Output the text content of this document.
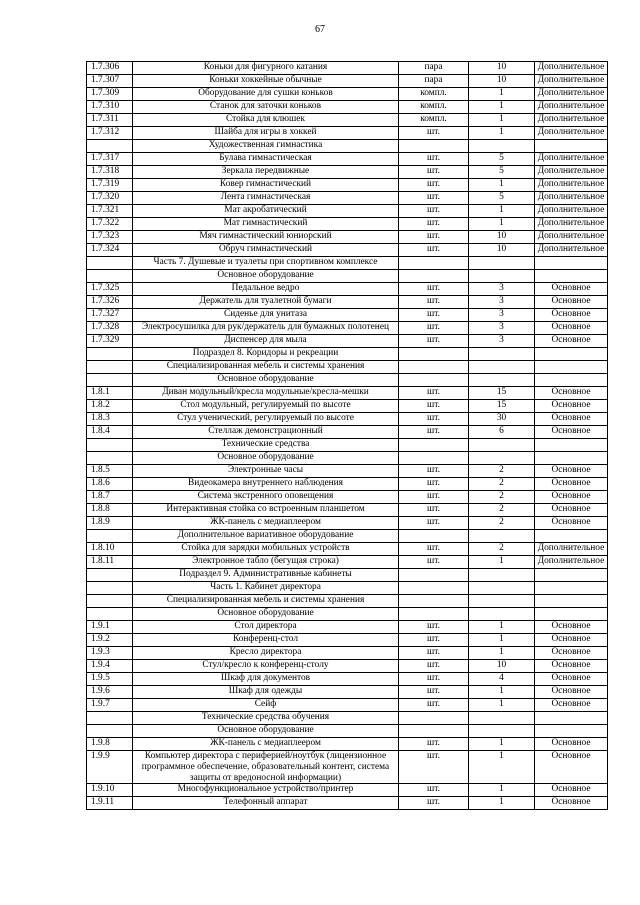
67
1.7.306	Коньки для фигурного катания	пара	10	Дополнительное
1.7.307	Коньки хоккейные обычные	пара	10	Дополнительное
1.7.309	Оборудование для сушки коньков	компл.	1	Дополнительное
1.7.310	Станок для заточки коньков	компл.	1	Дополнительное
1.7.311	Стойка для клюшек	компл.	1	Дополнительное
1.7.312	Шайба для игры в хоккей	шт.	1	Дополнительное
	Художественная гимнастика			
1.7.317	Булава гимнастическая	шт.	5	Дополнительное
1.7.318	Зеркала передвижные	шт.	5	Дополнительное
1.7.319	Ковер гимнастический	шт.	1	Дополнительное
1.7.320	Лента гимнастическая	шт.	5	Дополнительное
1.7.321	Мат акробатический	шт.	1	Дополнительное
1.7.322	Мат гимнастический	шт.	1	Дополнительное
1.7.323	Мяч гимнастический юниорский	шт.	10	Дополнительное
1.7.324	Обруч гимнастический	шт.	10	Дополнительное
	Часть 7. Душевые и туалеты при спортивном комплексе			
	Основное оборудование			
1.7.325	Педальное ведро	шт.	3	Основное
1.7.326	Держатель для туалетной бумаги	шт.	3	Основное
1.7.327	Сиденье для унитаза	шт.	3	Основное
1.7.328	Электросушилка для рук/держатель для бумажных полотенец	шт.	3	Основное
1.7.329	Диспенсер для мыла	шт.	3	Основное
	Подраздел 8. Коридоры и рекреации			
	Специализированная мебель и системы хранения			
	Основное оборудование			
1.8.1	Диван модульный/кресла модульные/кресла-мешки	шт.	15	Основное
1.8.2	Стол модульный, регулируемый по высоте	шт.	15	Основное
1.8.3	Стул ученический, регулируемый по высоте	шт.	30	Основное
1.8.4	Стеллаж демонстрационный	шт.	6	Основное
	Технические средства			
	Основное оборудование			
1.8.5	Электронные часы	шт.	2	Основное
1.8.6	Видеокамера внутреннего наблюдения	шт.	2	Основное
1.8.7	Система экстренного оповещения	шт.	2	Основное
1.8.8	Интерактивная стойка со встроенным планшетом	шт.	2	Основное
1.8.9	ЖК-панель с медиаплеером	шт.	2	Основное
	Дополнительное вариативное оборудование			
1.8.10	Стойка для зарядки мобильных устройств	шт.	2	Дополнительное
1.8.11	Электронное табло (бегущая строка)	шт.	1	Дополнительное
	Подраздел 9. Административные кабинеты			
	Часть 1. Кабинет директора			
	Специализированная мебель и системы хранения			
	Основное оборудование			
1.9.1	Стол директора	шт.	1	Основное
1.9.2	Конференц-стол	шт.	1	Основное
1.9.3	Кресло директора	шт.	1	Основное
1.9.4	Стул/кресло к конференц-столу	шт.	10	Основное
1.9.5	Шкаф для документов	шт.	4	Основное
1.9.6	Шкаф для одежды	шт.	1	Основное
1.9.7	Сейф	шт.	1	Основное
	Технические средства обучения			
	Основное оборудование			
1.9.8	ЖК-панель с медиаплеером	шт.	1	Основное
1.9.9	Компьютер директора с периферией/ноутбук (лицензионное программное обеспечение, образовательный контент, система защиты от вредоносной информации)	шт.	1	Основное
1.9.10	Многофункциональное устройство/принтер	шт.	1	Основное
1.9.11	Телефонный аппарат	шт.	1	Основное
